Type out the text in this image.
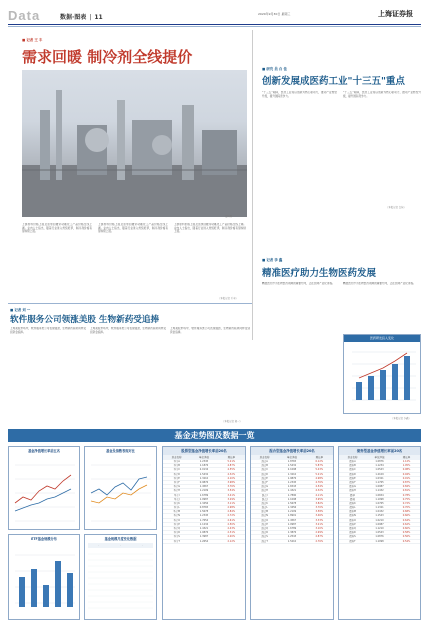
Data	数据·图表 | 11	2020年9月30日 星期三	上海证券报
■ 记者 王 丰
需求回暖 制冷剂全线提价
资料图
上游原料价格上涨及需求回暖带动氟化工产品价格全线上调。业内人士指出，随着行业进入传统旺季，制冷剂价格有望持续上涨。
上游原料价格上涨及需求回暖带动氟化工产品价格全线上调。业内人士指出，随着行业进入传统旺季，制冷剂价格有望持续上涨。
上游原料价格上涨及需求回暖带动氟化工产品价格全线上调。业内人士指出，随着行业进入传统旺季，制冷剂价格有望持续上涨。
（本报记者 王丰）
■ 研究 员 白 佳
创新发展成医药工业"十三五"重点
“十三五”期间，医药工业将以创新为核心驱动力，推动产业转型升级，提升国际竞争力。
“十三五”期间，医药工业将以创新为核心驱动力，推动产业转型升级，提升国际竞争力。
（本报记者 白佳）
■ 记者 李 鑫
精准医疗助力生物医药发展
精准医疗作为生物医药领域的重要方向，正在加速产业化进程。	精准医疗作为生物医药领域的重要方向，正在加速产业化进程。
医药研发投入变化
（本报记者 李鑫）
■ 记者 刘 一
软件服务公司领涨美股 生物新药受追捧
上周美股市场中，软件服务类公司表现强劲，生物新药板块同样受到资金追捧。
上周美股市场中，软件服务类公司表现强劲，生物新药板块同样受到资金追捧。
上周美股市场中，软件服务类公司表现强劲，生物新药板块同样受到资金追捧。
（本报记者 刘一）
基金走势图及数据一览
基金净值增长率前五名	基金及指数表现对比
ETF基金规模分布	基金规模月度变化数据
·	·	·
股票型基金净值增长率前20名
基金名称	单位净值	增长率
基金A	1.2345	5.21%
基金B	1.1876	4.87%
基金C	2.0134	4.55%
基金D	1.5432	4.32%
基金E	1.3210	4.10%
基金F	0.9876	3.98%
基金G	1.4567	3.76%
基金H	1.2109	3.54%
基金I	1.6789	3.41%
基金J	1.0987	3.29%
基金K	1.3456	3.11%
基金L	0.8765	2.98%
基金M	1.5678	2.84%
基金N	1.2345	2.72%
基金O	1.7654	2.61%
基金P	1.1234	2.50%
基金Q	1.4321	2.43%
基金R	1.0876	2.31%
基金S	1.3987	2.20%
基金T	1.2654	2.12%
混合型基金净值增长率前20名
基金名称	单位净值	增长率
混合A	1.8765	6.12%
混合B	1.5432	5.87%
混合C	2.1098	5.43%
混合D	1.3210	5.21%
混合E	1.9876	4.98%
混合F	1.2345	4.76%
混合G	1.6543	4.54%
混合H	1.4321	4.32%
混合I	1.7890	4.11%
混合J	1.1098	3.95%
混合K	1.5678	3.82%
混合L	1.3456	3.70%
混合M	1.2109	3.58%
混合N	1.8901	3.46%
混合O	1.4567	3.33%
混合P	1.0987	3.21%
混合Q	1.6789	3.10%
混合R	1.3876	2.99%
混合S	1.2543	2.87%
混合T	1.5210	2.76%
债券型基金净值增长率前20名
基金名称	单位净值	增长率
债券A	1.0876	1.12%
债券B	1.1234	1.05%
债券C	1.0543	0.98%
债券D	1.2109	0.94%
债券E	1.0321	0.91%
债券F	1.1765	0.87%
债券G	1.0987	0.84%
债券H	1.1432	0.81%
债券I	1.0654	0.78%
债券J	1.1098	0.75%
债券K	1.0765	0.72%
债券L	1.1321	0.70%
债券M	1.0432	0.68%
债券N	1.1543	0.66%
债券O	1.0210	0.64%
债券P	1.0987	0.62%
债券Q	1.1210	0.60%
债券R	1.0543	0.58%
债券S	1.0876	0.56%
债券T	1.1098	0.54%
